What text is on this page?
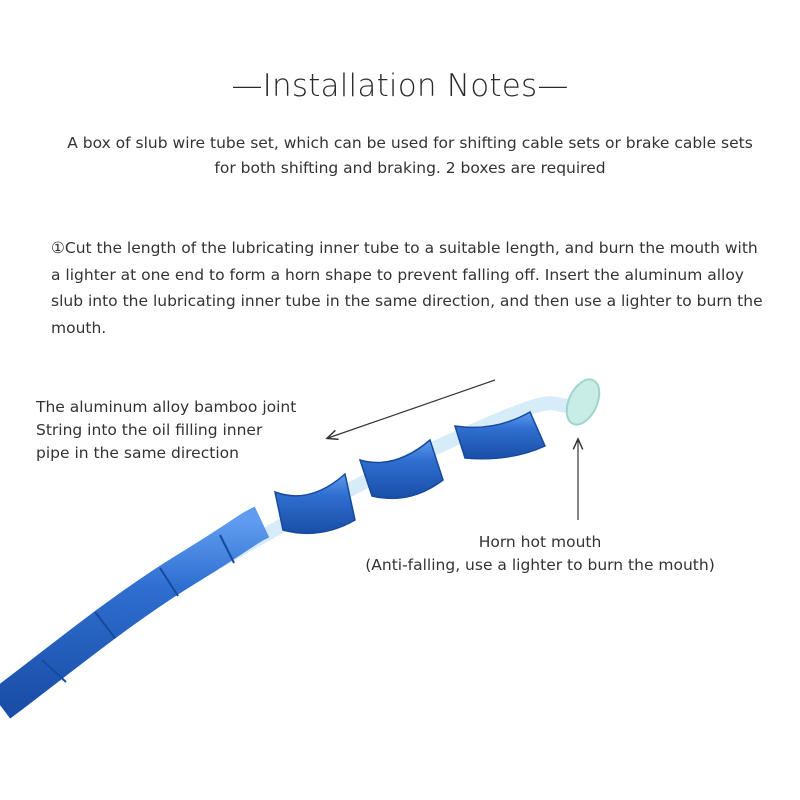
—Installation Notes—
A box of slub wire tube set, which can be used for shifting cable sets or brake cable sets for both shifting and braking. 2 boxes are required
①Cut the length of the lubricating inner tube to a suitable length, and burn the mouth with a lighter at one end to form a horn shape to prevent falling off. Insert the aluminum alloy slub into the lubricating inner tube in the same direction, and then use a lighter to burn the mouth.
The aluminum alloy bamboo joint
String into the oil filling inner
pipe in the same direction
Horn hot mouth
(Anti-falling, use a lighter to burn the mouth)
